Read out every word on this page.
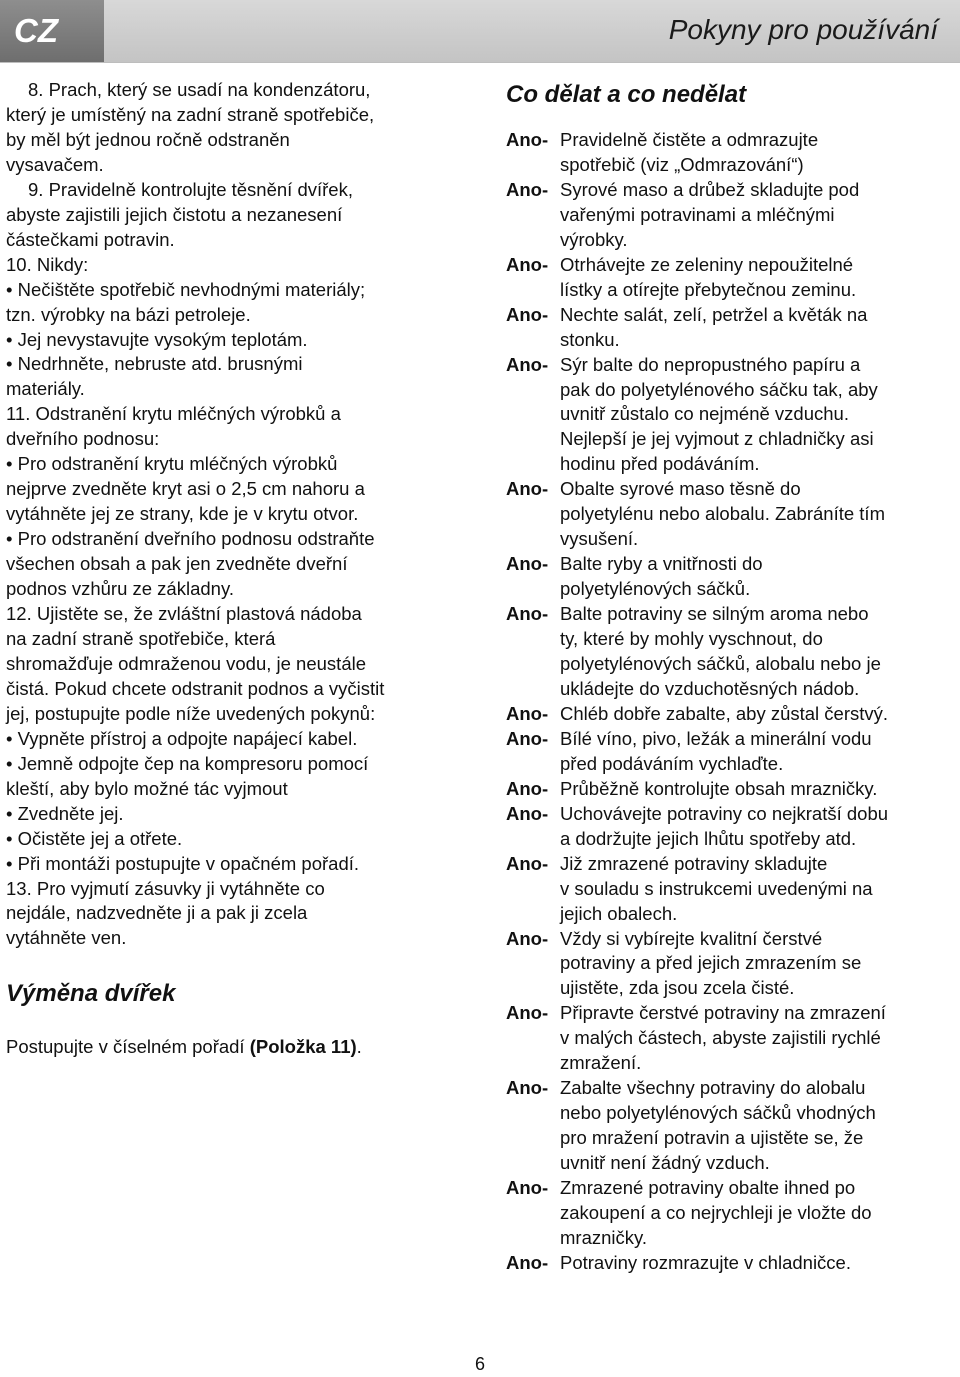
CZ	Pokyny pro používání

8. Prach, který se usadí na kondenzátoru,

který je umístěný na zadní straně spotřebiče,

by měl být jednou ročně odstraněn

vysavačem.

9. Pravidelně kontrolujte těsnění dvířek,

abyste zajistili jejich čistotu a nezanesení

částečkami potravin.

10. Nikdy:

• Nečištěte spotřebič nevhodnými materiály;

tzn. výrobky na bázi petroleje.

• Jej nevystavujte vysokým teplotám.

• Nedrhněte, nebruste atd. brusnými

materiály.

11. Odstranění krytu mléčných výrobků a

dveřního podnosu:

• Pro odstranění krytu mléčných výrobků

nejprve zvedněte kryt asi o 2,5 cm nahoru a

vytáhněte jej ze strany, kde je v krytu otvor.

• Pro odstranění dveřního podnosu odstraňte

všechen obsah a pak jen zvedněte dveřní

podnos vzhůru ze základny.

12. Ujistěte se, že zvláštní plastová nádoba

na zadní straně spotřebiče, která

shromažďuje odmraženou vodu, je neustále

čistá. Pokud chcete odstranit podnos a vyčistit

jej, postupujte podle níže uvedených pokynů:

• Vypněte přístroj a odpojte napájecí kabel.

• Jemně odpojte čep na kompresoru pomocí

kleští, aby bylo možné tác vyjmout

• Zvedněte jej.

• Očistěte jej a otřete.

• Při montáži postupujte v opačném pořadí.

13. Pro vyjmutí zásuvky ji vytáhněte co

nejdále, nadzvedněte ji a pak ji zcela

vytáhněte ven.

Výměna dvířek

Postupujte v číselném pořadí (Položka 11).

Co dělat a co nedělat

Ano- Pravidelně čistěte a odmrazujte
spotřebič (viz „Odmrazování“)
Ano- Syrové maso a drůbež skladujte pod
vařenými potravinami a mléčnými
výrobky.
Ano- Otrhávejte ze zeleniny nepoužitelné
lístky a otírejte přebytečnou zeminu.
Ano- Nechte salát, zelí, petržel a květák na
stonku.
Ano- Sýr balte do nepropustného papíru a
pak do polyetylénového sáčku tak, aby
uvnitř zůstalo co nejméně vzduchu.
Nejlepší je jej vyjmout z chladničky asi
hodinu před podáváním.
Ano- Obalte syrové maso těsně do
polyetylénu nebo alobalu. Zabráníte tím
vysušení.
Ano- Balte ryby a vnitřnosti do
polyetylénových sáčků.
Ano- Balte potraviny se silným aroma nebo
ty, které by mohly vyschnout, do
polyetylénových sáčků, alobalu nebo je
ukládejte do vzduchotěsných nádob.
Ano- Chléb dobře zabalte, aby zůstal čerstvý.
Ano- Bílé víno, pivo, ležák a minerální vodu
před podáváním vychlaďte.
Ano- Průběžně kontrolujte obsah mrazničky.
Ano- Uchovávejte potraviny co nejkratší dobu
a dodržujte jejich lhůtu spotřeby atd.
Ano- Již zmrazené potraviny skladujte
v souladu s instrukcemi uvedenými na
jejich obalech.
Ano- Vždy si vybírejte kvalitní čerstvé
potraviny a před jejich zmrazením se
ujistěte, zda jsou zcela čisté.
Ano- Připravte čerstvé potraviny na zmrazení
v malých částech, abyste zajistili rychlé
zmražení.
Ano- Zabalte všechny potraviny do alobalu
nebo polyetylénových sáčků vhodných
pro mražení potravin a ujistěte se, že
uvnitř není žádný vzduch.
Ano- Zmrazené potraviny obalte ihned po
zakoupení a co nejrychleji je vložte do
mrazničky.
Ano- Potraviny rozmrazujte v chladničce.
6
